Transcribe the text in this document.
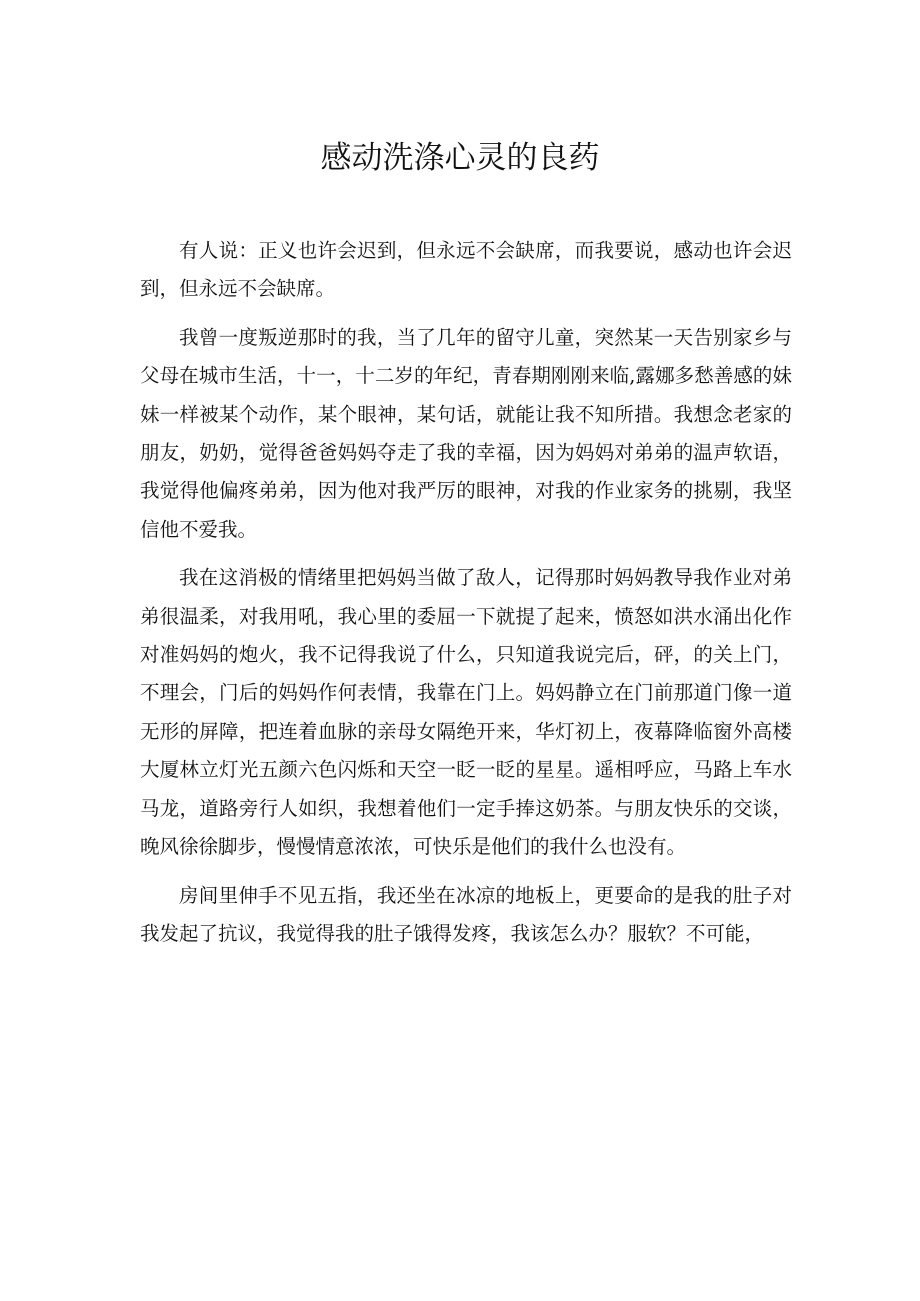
感动洗涤心灵的良药

有人说：正义也许会迟到，但永远不会缺席，而我要说，感动也许会迟到，但永远不会缺席。

我曾一度叛逆那时的我，当了几年的留守儿童，突然某一天告别家乡与父母在城市生活，十一，十二岁的年纪，青春期刚刚来临,露娜多愁善感的妹妹一样被某个动作，某个眼神，某句话，就能让我不知所措。我想念老家的朋友，奶奶，觉得爸爸妈妈夺走了我的幸福，因为妈妈对弟弟的温声软语，我觉得他偏疼弟弟，因为他对我严厉的眼神，对我的作业家务的挑剔，我坚信他不爱我。

我在这消极的情绪里把妈妈当做了敌人，记得那时妈妈教导我作业对弟弟很温柔，对我用吼，我心里的委屈一下就提了起来，愤怒如洪水涌出化作对准妈妈的炮火，我不记得我说了什么，只知道我说完后，砰，的关上门，不理会，门后的妈妈作何表情，我靠在门上。妈妈静立在门前那道门像一道无形的屏障，把连着血脉的亲母女隔绝开来，华灯初上，夜幕降临窗外高楼大厦林立灯光五颜六色闪烁和天空一眨一眨的星星。遥相呼应，马路上车水马龙，道路旁行人如织，我想着他们一定手捧这奶茶。与朋友快乐的交谈，晚风徐徐脚步，慢慢情意浓浓，可快乐是他们的我什么也没有。

房间里伸手不见五指，我还坐在冰凉的地板上，更要命的是我的肚子对我发起了抗议，我觉得我的肚子饿得发疼，我该怎么办？服软？不可能，
